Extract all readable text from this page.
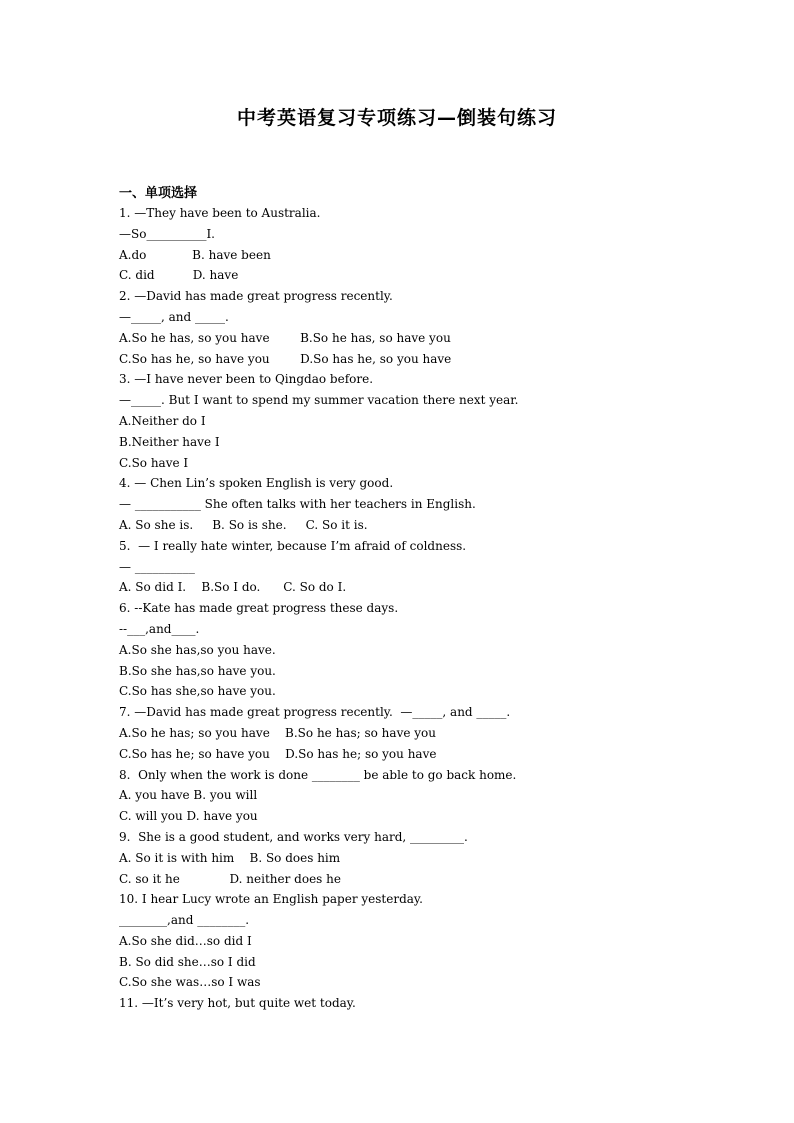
中考英语复习专项练习—倒装句练习
一、单项选择
1. —They have been to Australia.
—So__________I.
A.do            B. have been
C. did          D. have
2. —David has made great progress recently.
—_____, and _____.
A.So he has, so you have        B.So he has, so have you
C.So has he, so have you        D.So has he, so you have
3. —I have never been to Qingdao before.
—_____. But I want to spend my summer vacation there next year.
A.Neither do I
B.Neither have I
C.So have I
4. — Chen Lin’s spoken English is very good.
— ___________ She often talks with her teachers in English.
A. So she is.     B. So is she.     C. So it is.
5.  — I really hate winter, because I’m afraid of coldness.
— __________
A. So did I.    B.So I do.      C. So do I.
6. --Kate has made great progress these days.
--___,and____.
A.So she has,so you have.
B.So she has,so have you.
C.So has she,so have you.
7. —David has made great progress recently.  —_____, and _____.
A.So he has; so you have    B.So he has; so have you
C.So has he; so have you    D.So has he; so you have
8.  Only when the work is done ________ be able to go back home.
A. you have B. you will
C. will you D. have you
9.  She is a good student, and works very hard, _________.
A. So it is with him    B. So does him
C. so it he             D. neither does he
10. I hear Lucy wrote an English paper yesterday.
________,and ________.
A.So she did…so did I
B. So did she…so I did
C.So she was…so I was
11. —It’s very hot, but quite wet today.
